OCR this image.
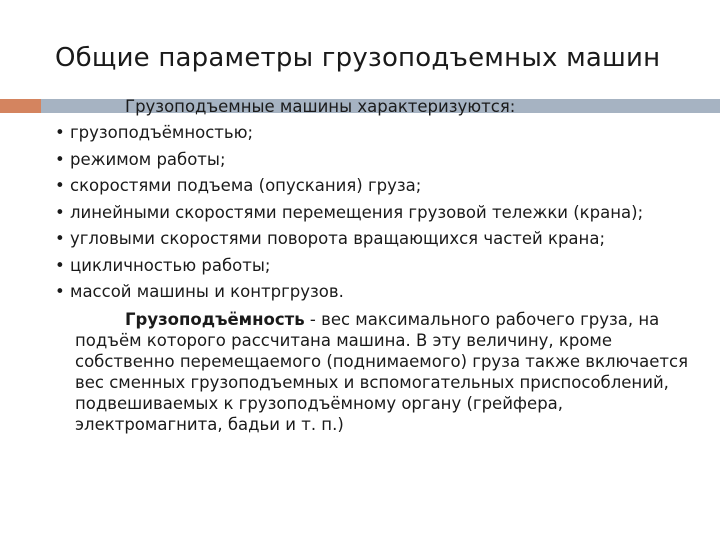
Общие параметры грузоподъемных машин
Грузоподъемные машины характеризуются:
• грузоподъёмностью;
• режимом работы;
• скоростями подъема (опускания) груза;
• линейными скоростями перемещения грузовой тележки (крана);
• угловыми скоростями поворота вращающихся частей крана;
• цикличностью работы;
• массой машины и контргрузов.
Грузоподъёмность - вес максимального рабочего груза, на подъём которого рассчитана машина. В эту величину, кроме собственно перемещаемого (поднимаемого) груза также включается вес сменных грузоподъемных и вспомогательных приспособлений, подвешиваемых к грузоподъёмному органу (грейфера, электромагнита, бадьи и т. п.)
